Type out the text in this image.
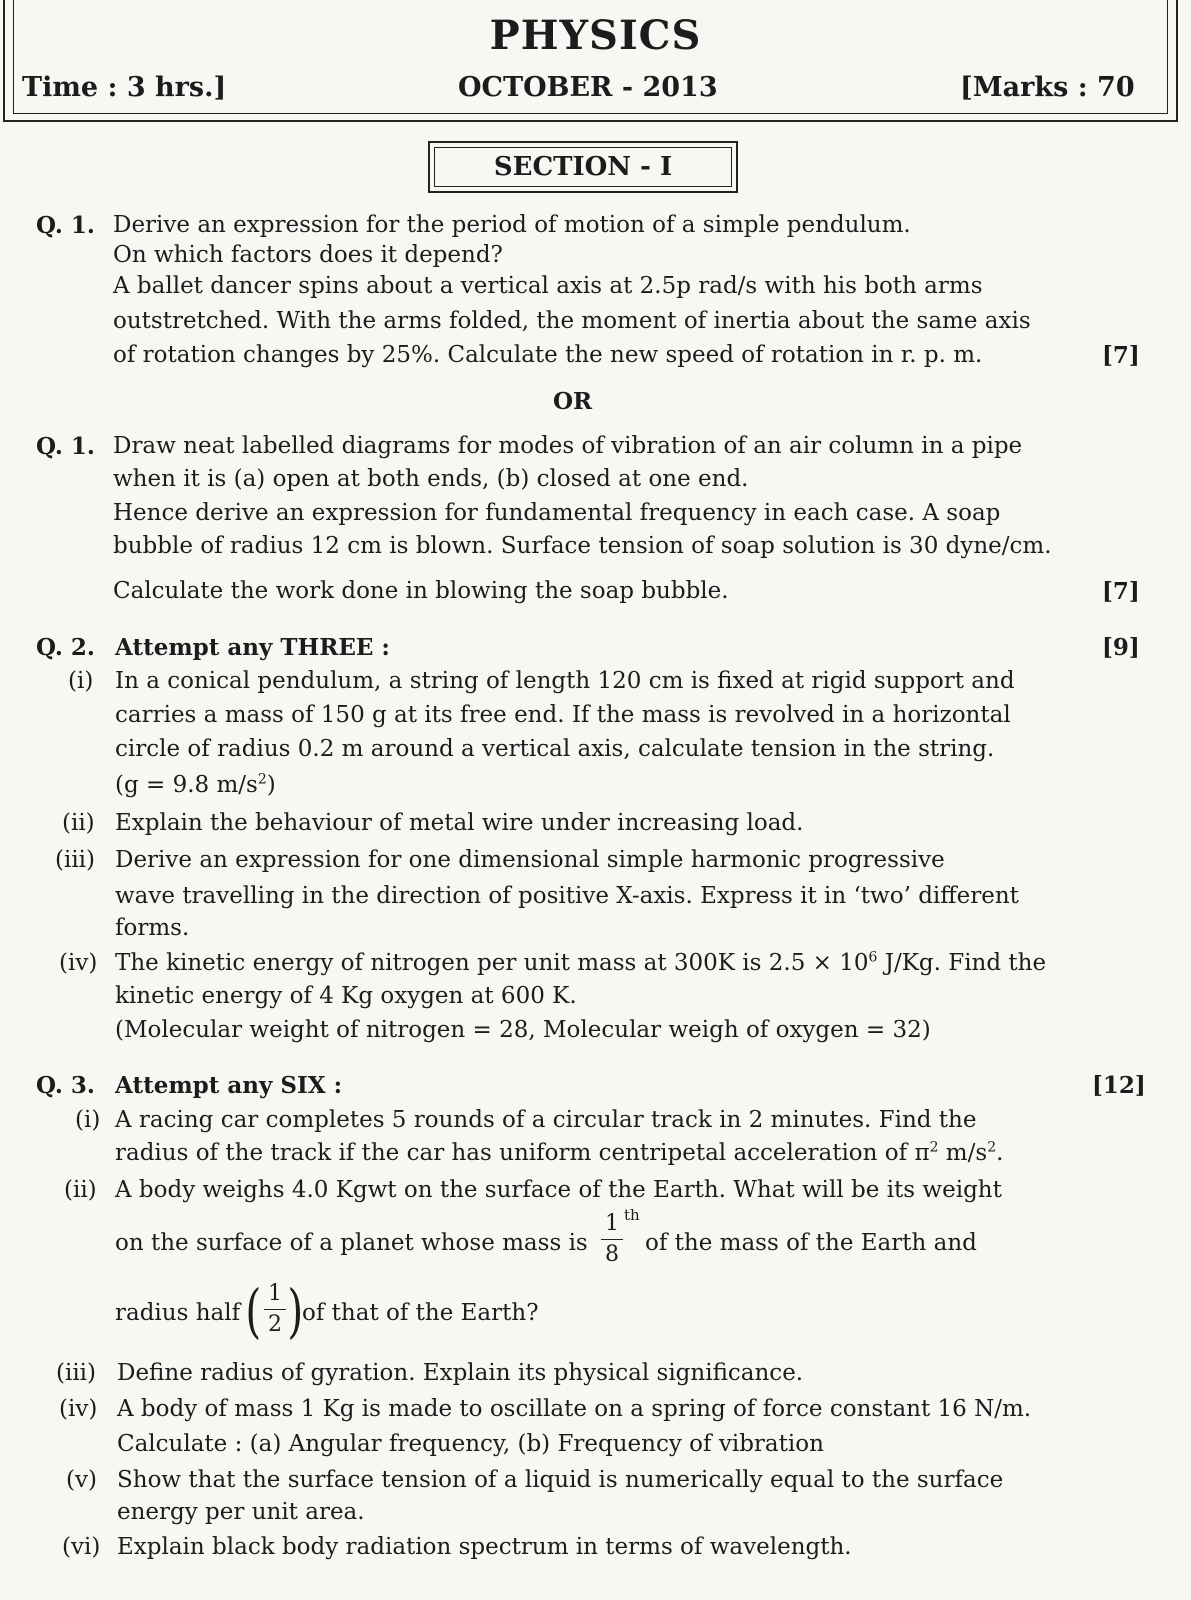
PHYSICS
Time : 3 hrs.]	OCTOBER - 2013	[Marks : 70
SECTION - I
Q. 1. Derive an expression for the period of motion of a simple pendulum.
On which factors does it depend?
A ballet dancer spins about a vertical axis at 2.5p rad/s with his both arms
outstretched. With the arms folded, the moment of inertia about the same axis
of rotation changes by 25%. Calculate the new speed of rotation in r. p. m.	[7]
OR
Q. 1. Draw neat labelled diagrams for modes of vibration of an air column in a pipe
when it is (a) open at both ends, (b) closed at one end.
Hence derive an expression for fundamental frequency in each case. A soap
bubble of radius 12 cm is blown. Surface tension of soap solution is 30 dyne/cm.
Calculate the work done in blowing the soap bubble.	[7]
Q. 2. Attempt any THREE :	[9]
(i) In a conical pendulum, a string of length 120 cm is fixed at rigid support and
carries a mass of 150 g at its free end. If the mass is revolved in a horizontal
circle of radius 0.2 m around a vertical axis, calculate tension in the string.
(g = 9.8 $m/s^2$)
(ii) Explain the behaviour of metal wire under increasing load.
(iii) Derive an expression for one dimensional simple harmonic progressive
wave travelling in the direction of positive X-axis. Express it in ‘two’ different
forms.
(iv) The kinetic energy of nitrogen per unit mass at 300K is $2.5 \times 10^6$ J/Kg. Find the
kinetic energy of 4 Kg oxygen at 600 K.
(Molecular weight of nitrogen = 28, Molecular weigh of oxygen = 32)
Q. 3. Attempt any SIX :	[12]
(i) A racing car completes 5 rounds of a circular track in 2 minutes. Find the
radius of the track if the car has uniform centripetal acceleration of $\pi^2$ $m/s^2$.
(ii) A body weighs 4.0 Kgwt on the surface of the Earth. What will be its weight
on the surface of a planet whose mass is
1
8
th
of the mass of the Earth and
radius half ( 1
2 )
of that of the Earth?
(iii) Define radius of gyration. Explain its physical significance.
(iv) A body of mass 1 Kg is made to oscillate on a spring of force constant 16 N/m.
Calculate : (a) Angular frequency, (b) Frequency of vibration
(v) Show that the surface tension of a liquid is numerically equal to the surface
energy per unit area.
(vi) Explain black body radiation spectrum in terms of wavelength.
